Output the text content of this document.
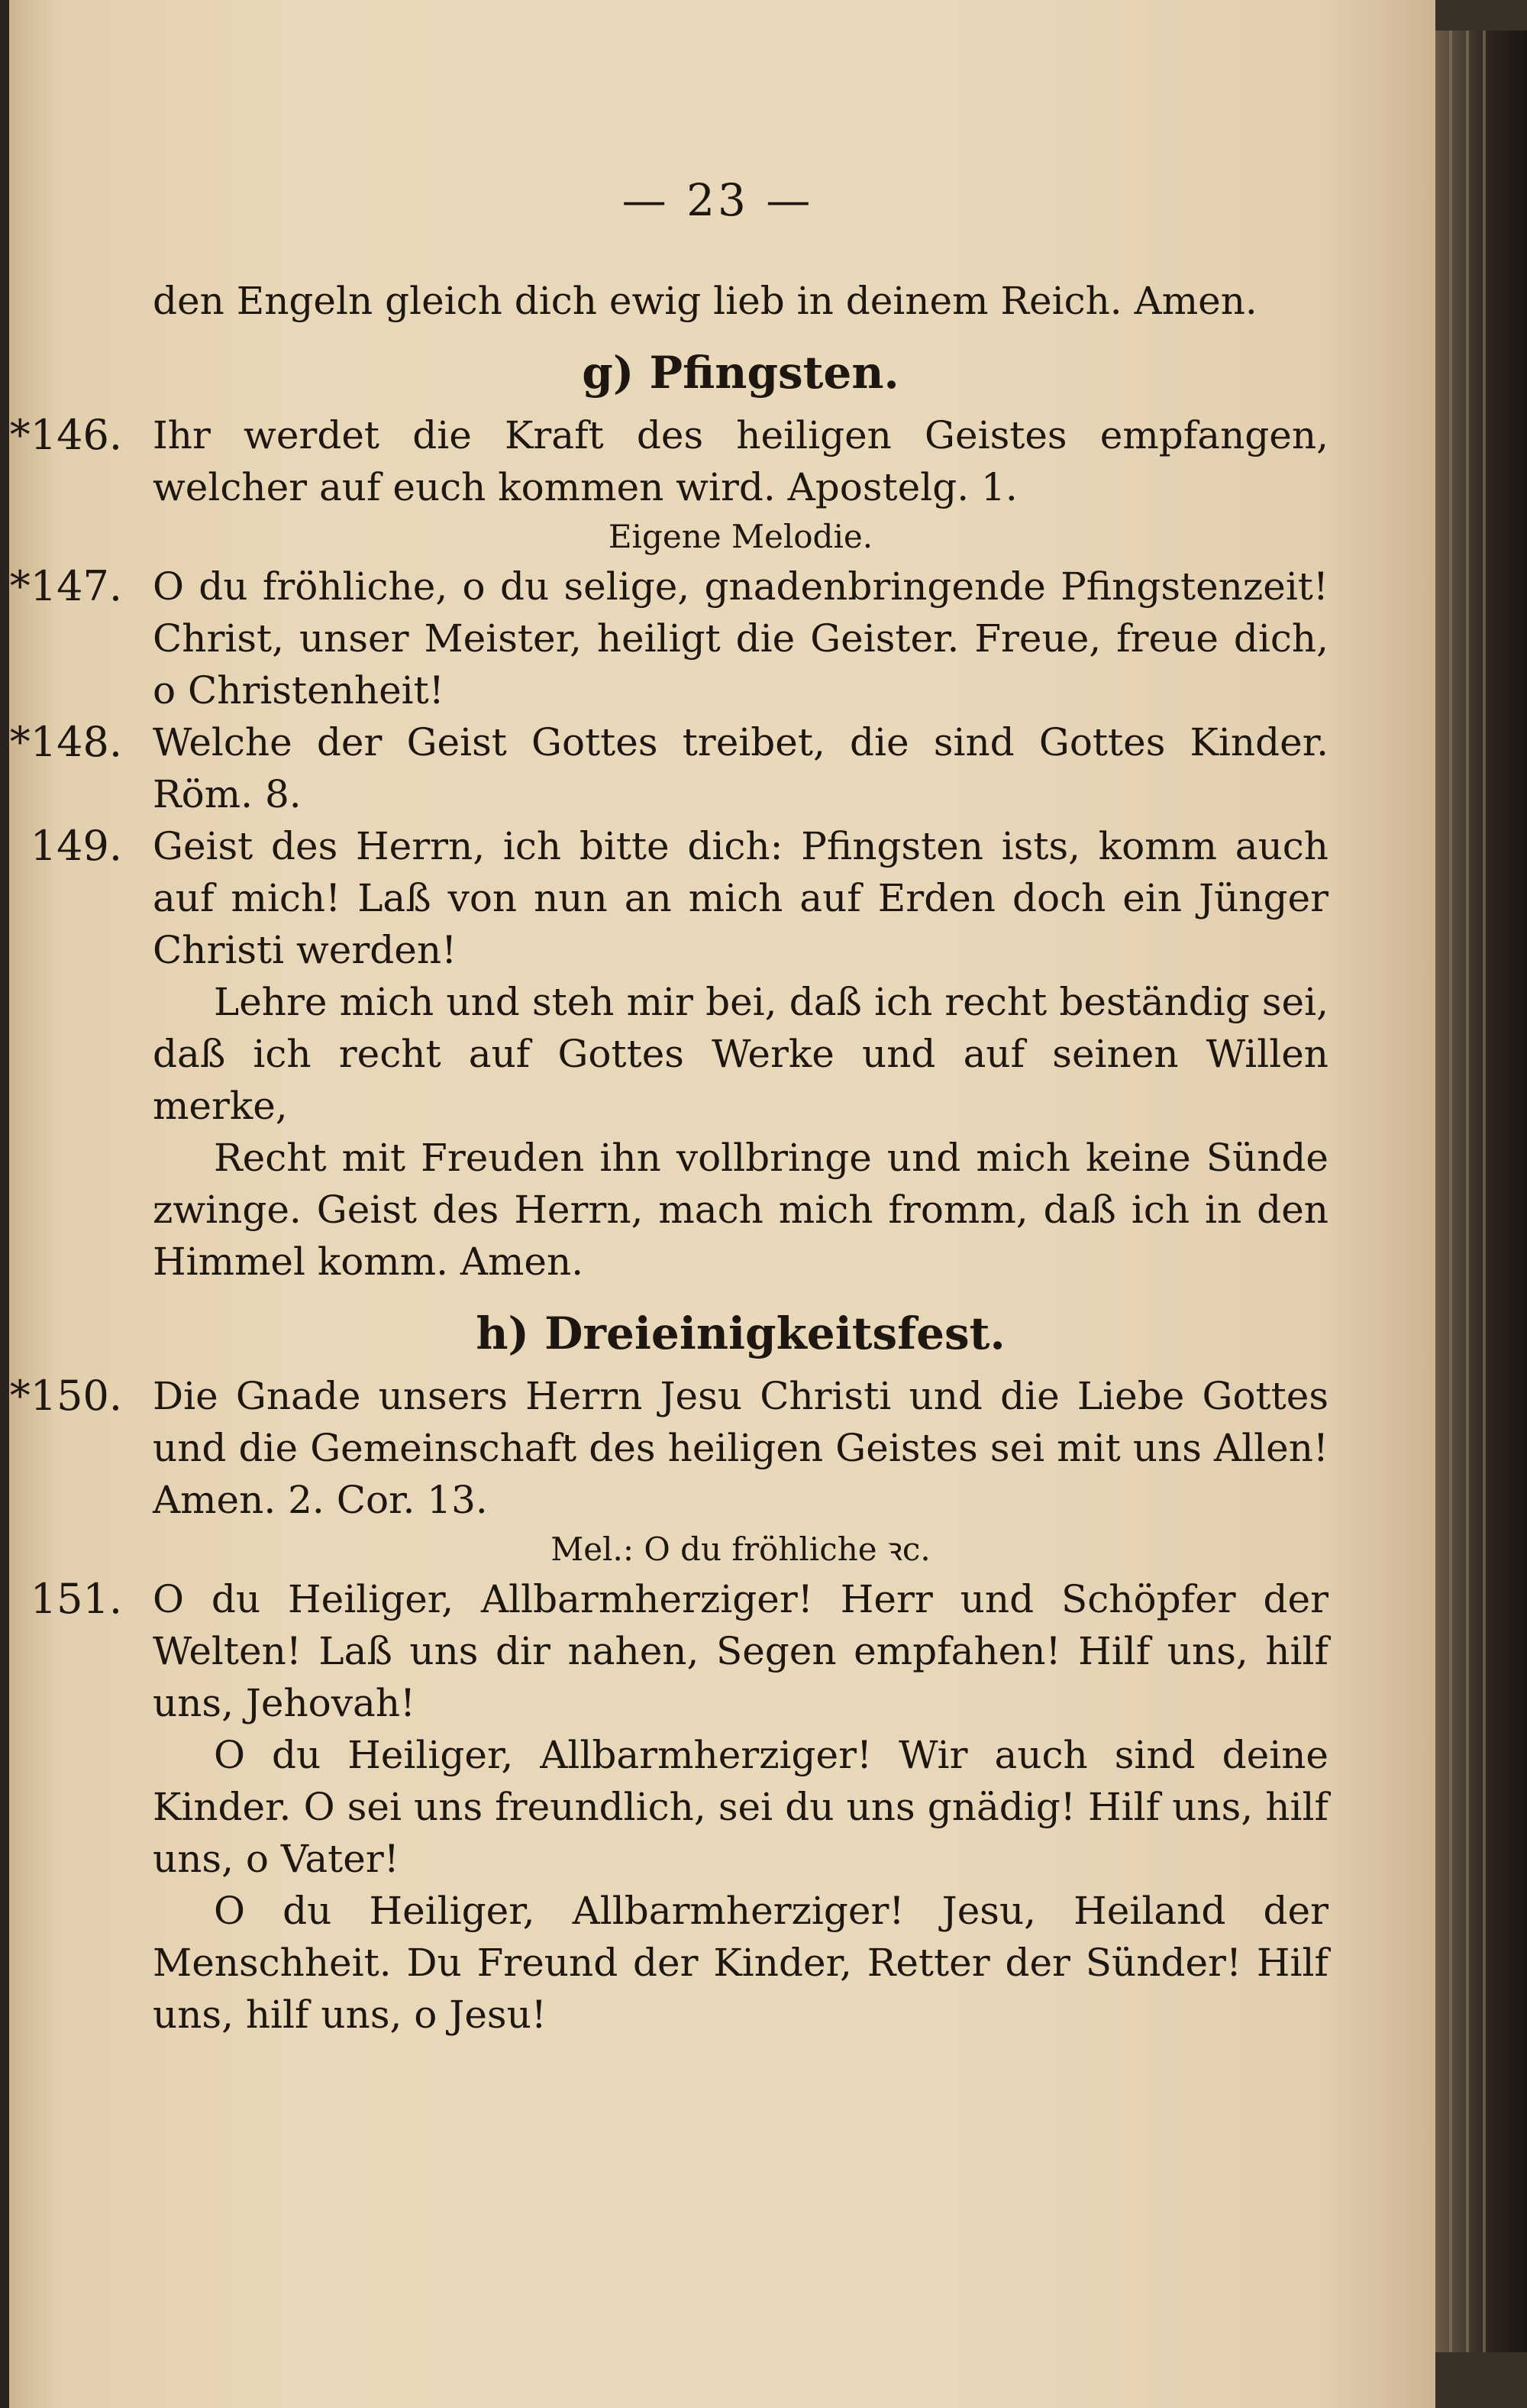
— 23 —

den Engeln gleich dich ewig lieb in deinem Reich. Amen.

g) Pfingsten.
*146. Ihr werdet die Kraft des heiligen Geistes empfangen, welcher auf euch kommen wird. Apostelg. 1.
Eigene Melodie.
*147. O du fröhliche, o du selige, gnadenbringende Pfingstenzeit! Christ, unser Meister, heiligt die Geister. Freue, freue dich, o Christenheit!
*148. Welche der Geist Gottes treibet, die sind Gottes Kinder. Röm. 8.
149. Geist des Herrn, ich bitte dich: Pfingsten ists, komm auch auf mich! Laß von nun an mich auf Erden doch ein Jünger Christi werden!

Lehre mich und steh mir bei, daß ich recht beständig sei, daß ich recht auf Gottes Werke und auf seinen Willen merke,

Recht mit Freuden ihn vollbringe und mich keine Sünde zwinge. Geist des Herrn, mach mich fromm, daß ich in den Himmel komm. Amen.

h) Dreieinigkeitsfest.
*150. Die Gnade unsers Herrn Jesu Christi und die Liebe Gottes und die Gemeinschaft des heiligen Geistes sei mit uns Allen! Amen. 2. Cor. 13.
Mel.: O du fröhliche ꝛc.
151. O du Heiliger, Allbarmherziger! Herr und Schöpfer der Welten! Laß uns dir nahen, Segen empfahen! Hilf uns, hilf uns, Jehovah!

O du Heiliger, Allbarmherziger! Wir auch sind deine Kinder. O sei uns freundlich, sei du uns gnädig! Hilf uns, hilf uns, o Vater!

O du Heiliger, Allbarmherziger! Jesu, Heiland der Menschheit. Du Freund der Kinder, Retter der Sünder! Hilf uns, hilf uns, o Jesu!
